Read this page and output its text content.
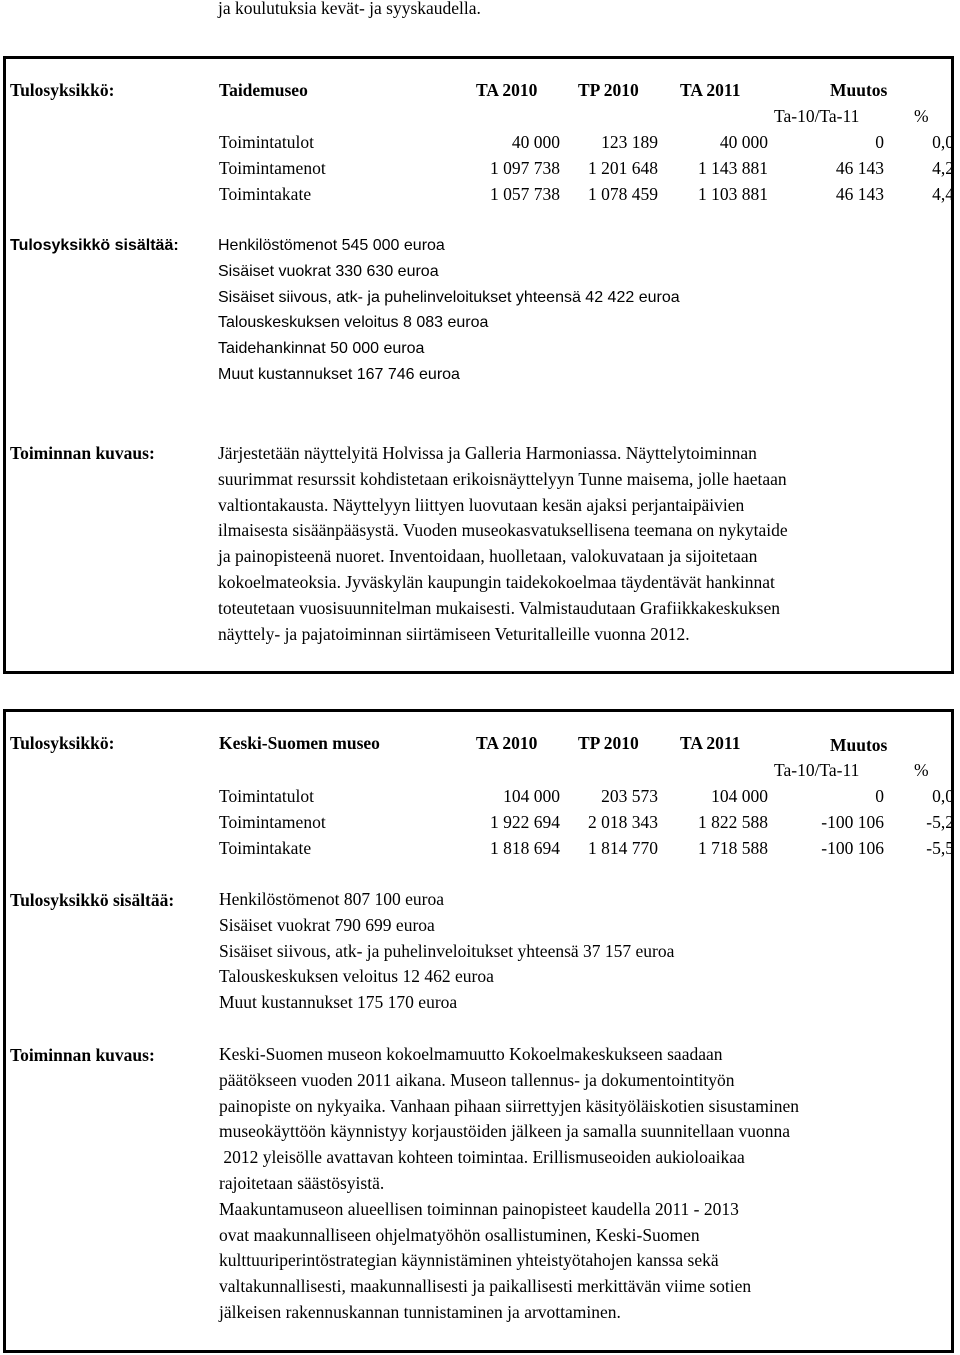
ja koulutuksia kevät- ja syyskaudella.
Tulosyksikkö:	Taidemuseo	TA 2010 TP 2010 TA 2011	Muutos
Ta-10/Ta-11	%
Toimintatulot	40 000	123 189	40 000	0	0,0
Toimintamenot	1 097 738	1 201 648	1 143 881	46 143	4,2
Toimintakate	1 057 738	1 078 459	1 103 881	46 143	4,4
Tulosyksikkö sisältää: Henkilöstömenot 545 000 euroa
Sisäiset vuokrat 330 630 euroa
Sisäiset siivous, atk- ja puhelinveloitukset yhteensä 42 422 euroa
Talouskeskuksen veloitus 8 083 euroa
Taidehankinnat 50 000 euroa
Muut kustannukset 167 746 euroa
Toiminnan kuvaus:	Järjestetään näyttelyitä Holvissa ja Galleria Harmoniassa. Näyttelytoiminnan
suurimmat resurssit kohdistetaan erikoisnäyttelyyn Tunne maisema, jolle haetaan
valtiontakausta. Näyttelyyn liittyen luovutaan kesän ajaksi perjantaipäivien
ilmaisesta sisäänpääsystä. Vuoden museokasvatuksellisena teemana on nykytaide
ja painopisteenä nuoret. Inventoidaan, huolletaan, valokuvataan ja sijoitetaan
kokoelmateoksia. Jyväskylän kaupungin taidekokoelmaa täydentävät hankinnat
toteutetaan vuosisuunnitelman mukaisesti. Valmistaudutaan Grafiikkakeskuksen
näyttely- ja pajatoiminnan siirtämiseen Veturitalleille vuonna 2012.
Tulosyksikkö:	Keski-Suomen museo	TA 2010 TP 2010 TA 2011	Muutos
Ta-10/Ta-11	%
Toimintatulot	104 000	203 573	104 000	0	0,0
Toimintamenot	1 922 694	2 018 343	1 822 588	-100 106	-5,2
Toimintakate	1 818 694	1 814 770	1 718 588	-100 106	-5,5
Tulosyksikkö sisältää:	Henkilöstömenot 807 100 euroa
Sisäiset vuokrat 790 699 euroa
Sisäiset siivous, atk- ja puhelinveloitukset yhteensä 37 157 euroa
Talouskeskuksen veloitus 12 462 euroa
Muut kustannukset 175 170 euroa
Toiminnan kuvaus:	Keski-Suomen museon kokoelmamuutto Kokoelmakeskukseen saadaan
päätökseen vuoden 2011 aikana. Museon tallennus- ja dokumentointityön
painopiste on nykyaika. Vanhaan pihaan siirrettyjen käsityöläiskotien sisustaminen
museokäyttöön käynnistyy korjaustöiden jälkeen ja samalla suunnitellaan vuonna
2012 yleisölle avattavan kohteen toimintaa. Erillismuseoiden aukioloaikaa
rajoitetaan säästösyistä.
Maakuntamuseon alueellisen toiminnan painopisteet kaudella 2011 - 2013
ovat maakunnalliseen ohjelmatyöhön osallistuminen, Keski-Suomen
kulttuuriperintöstrategian käynnistäminen yhteistyötahojen kanssa sekä
valtakunnallisesti, maakunnallisesti ja paikallisesti merkittävän viime sotien
jälkeisen rakennuskannan tunnistaminen ja arvottaminen.
